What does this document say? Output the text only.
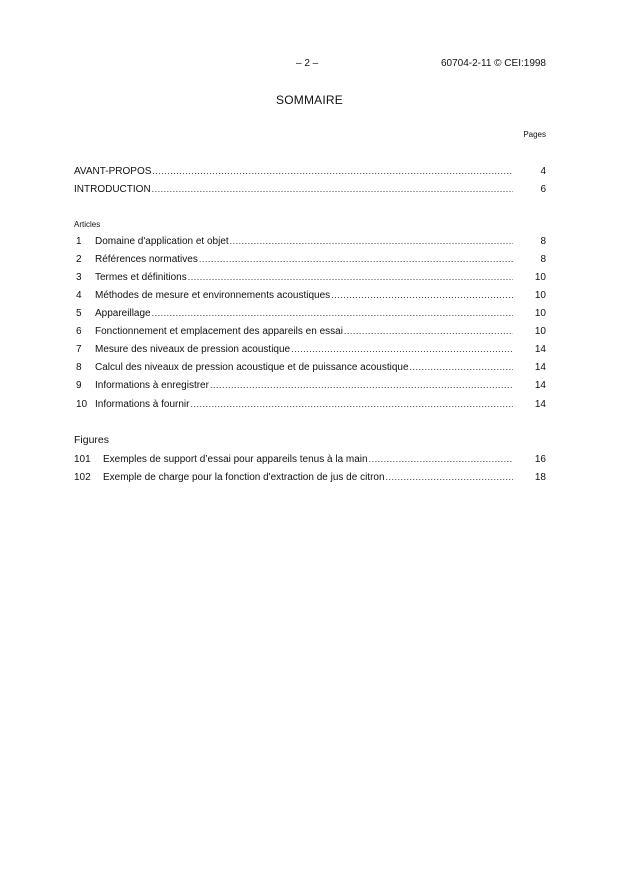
– 2 –	60704-2-11 © CEI:1998
SOMMAIRE
Pages
AVANT-PROPOS .....	4
INTRODUCTION .....	6
Articles
1	Domaine d'application et objet .....	8
2	Références normatives .....	8
3	Termes et définitions .....	10
4	Méthodes de mesure et environnements acoustiques .....	10
5	Appareillage .....	10
6	Fonctionnement et emplacement des appareils en essai .....	10
7	Mesure des niveaux de pression acoustique .....	14
8	Calcul des niveaux de pression acoustique et de puissance acoustique .....	14
9	Informations à enregistrer .....	14
10 Informations à fournir .....	14
Figures
101	Exemples de support d’essai pour appareils tenus à la main .....	16
102	Exemple de charge pour la fonction d'extraction de jus de citron .....	18
